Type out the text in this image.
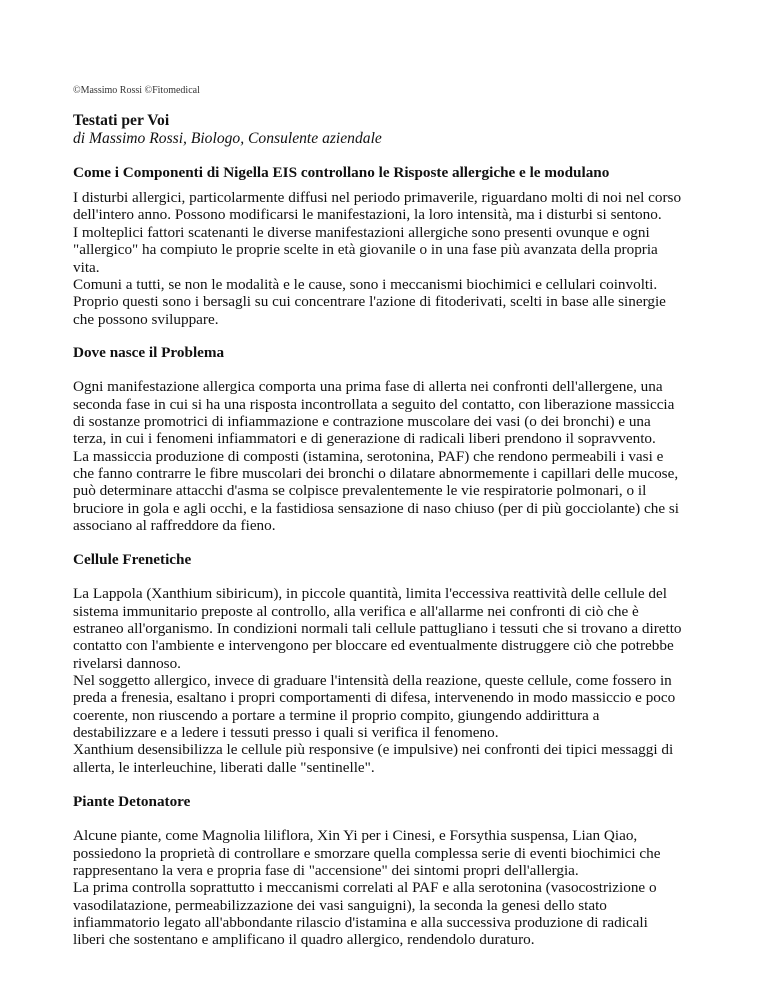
©Massimo Rossi ©Fitomedical
Testati per Voi
di Massimo Rossi, Biologo, Consulente aziendale
Come i Componenti di Nigella EIS controllano le Risposte allergiche e le modulano
I disturbi allergici, particolarmente diffusi nel periodo primaverile, riguardano molti di noi nel corso
dell'intero anno. Possono modificarsi le manifestazioni, la loro intensità, ma i disturbi si sentono.
I molteplici fattori scatenanti le diverse manifestazioni allergiche sono presenti ovunque e ogni
"allergico" ha compiuto le proprie scelte in età giovanile o in una fase più avanzata della propria
vita.
Comuni a tutti, se non le modalità e le cause, sono i meccanismi biochimici e cellulari coinvolti.
Proprio questi sono i bersagli su cui concentrare l'azione di fitoderivati, scelti in base alle sinergie
che possono sviluppare.
Dove nasce il Problema
Ogni manifestazione allergica comporta una prima fase di allerta nei confronti dell'allergene, una
seconda fase in cui si ha una risposta incontrollata a seguito del contatto, con liberazione massiccia
di sostanze promotrici di infiammazione e contrazione muscolare dei vasi (o dei bronchi) e una
terza, in cui i fenomeni infiammatori e di generazione di radicali liberi prendono il sopravvento.
La massiccia produzione di composti (istamina, serotonina, PAF) che rendono permeabili i vasi e
che fanno contrarre le fibre muscolari dei bronchi o dilatare abnormemente i capillari delle mucose,
può determinare attacchi d'asma se colpisce prevalentemente le vie respiratorie polmonari, o il
bruciore in gola e agli occhi, e la fastidiosa sensazione di naso chiuso (per di più gocciolante) che si
associano al raffreddore da fieno.
Cellule Frenetiche
La Lappola (Xanthium sibiricum), in piccole quantità, limita l'eccessiva reattività delle cellule del
sistema immunitario preposte al controllo, alla verifica e all'allarme nei confronti di ciò che è
estraneo all'organismo. In condizioni normali tali cellule pattugliano i tessuti che si trovano a diretto
contatto con l'ambiente e intervengono per bloccare ed eventualmente distruggere ciò che potrebbe
rivelarsi dannoso.
Nel soggetto allergico, invece di graduare l'intensità della reazione, queste cellule, come fossero in
preda a frenesia, esaltano i propri comportamenti di difesa, intervenendo in modo massiccio e poco
coerente, non riuscendo a portare a termine il proprio compito, giungendo addirittura a
destabilizzare e a ledere i tessuti presso i quali si verifica il fenomeno.
Xanthium desensibilizza le cellule più responsive (e impulsive) nei confronti dei tipici messaggi di
allerta, le interleuchine, liberati dalle "sentinelle".
Piante Detonatore
Alcune piante, come Magnolia liliflora, Xin Yi per i Cinesi, e Forsythia suspensa, Lian Qiao,
possiedono la proprietà di controllare e smorzare quella complessa serie di eventi biochimici che
rappresentano la vera e propria fase di "accensione" dei sintomi propri dell'allergia.
La prima controlla soprattutto i meccanismi correlati al PAF e alla serotonina (vasocostrizione o
vasodilatazione, permeabilizzazione dei vasi sanguigni), la seconda la genesi dello stato
infiammatorio legato all'abbondante rilascio d'istamina e alla successiva produzione di radicali
liberi che sostentano e amplificano il quadro allergico, rendendolo duraturo.
